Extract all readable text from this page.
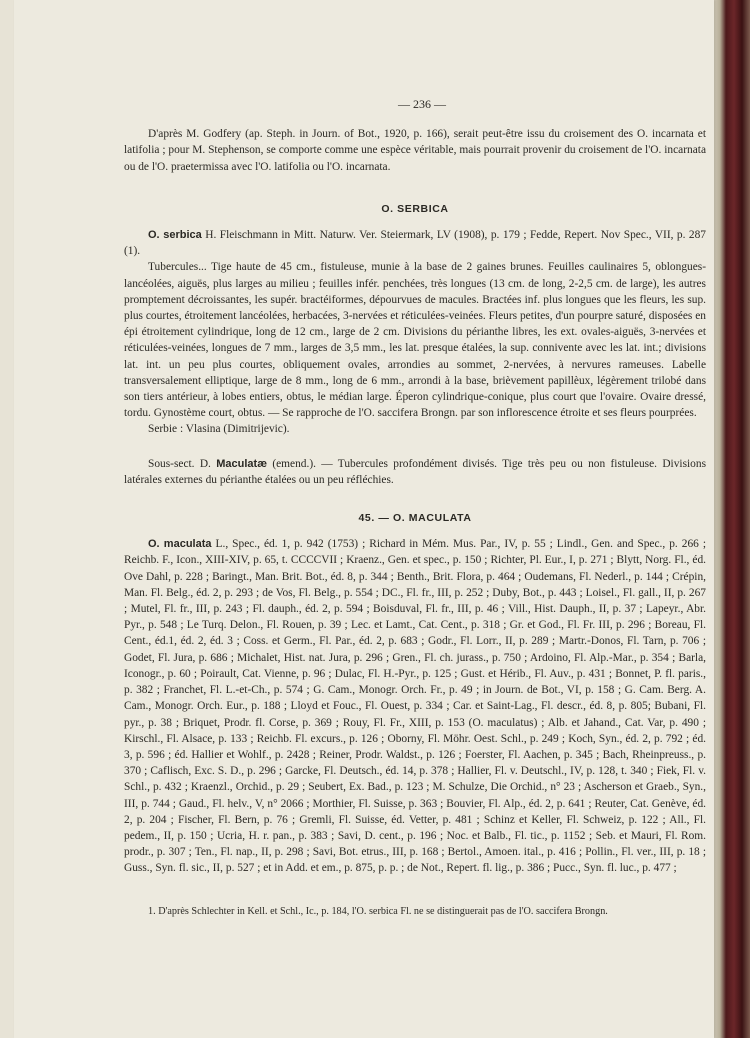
— 236 —

D'après M. Godfery (ap. Steph. in Journ. of Bot., 1920, p. 166), serait peut-être issu du croisement des O. incarnata et latifolia ; pour M. Stephenson, se comporte comme une espèce véritable, mais pourrait provenir du croisement de l'O. incarnata ou de l'O. praetermissa avec l'O. latifolia ou l'O. incarnata.

O. SERBICA

O. serbica H. Fleischmann in Mitt. Naturw. Ver. Steiermark, LV (1908), p. 179 ; Fedde, Repert. Nov Spec., VII, p. 287 (1).

Tubercules... Tige haute de 45 cm., fistuleuse, munie à la base de 2 gaines brunes. Feuilles caulinaires 5, oblongues-lancéolées, aiguës, plus larges au milieu ; feuilles infér. penchées, très longues (13 cm. de long, 2-2,5 cm. de large), les autres promptement décroissantes, les supér. bractéiformes, dépourvues de macules. Bractées inf. plus longues que les fleurs, les sup. plus courtes, étroitement lancéolées, herbacées, 3-nervées et réticulées-veinées. Fleurs petites, d'un pourpre saturé, disposées en épi étroitement cylindrique, long de 12 cm., large de 2 cm. Divisions du périanthe libres, les ext. ovales-aiguës, 3-nervées et réticulées-veinées, longues de 7 mm., larges de 3,5 mm., les lat. presque étalées, la sup. connivente avec les lat. int.; divisions lat. int. un peu plus courtes, obliquement ovales, arrondies au sommet, 2-nervées, à nervures rameuses. Labelle transversalement elliptique, large de 8 mm., long de 6 mm., arrondi à la base, brièvement papillèux, légèrement trilobé dans son tiers antérieur, à lobes entiers, obtus, le médian large. Éperon cylindrique-conique, plus court que l'ovaire. Ovaire dressé, tordu. Gynostème court, obtus. — Se rapproche de l'O. saccifera Brongn. par son inflorescence étroite et ses fleurs pourprées.

Serbie : Vlasina (Dimitrijevic).

Sous-sect. D. Maculatæ (emend.). — Tubercules profondément divisés. Tige très peu ou non fistuleuse. Divisions latérales externes du périanthe étalées ou un peu réfléchies.

45. — O. MACULATA

O. maculata L., Spec., éd. 1, p. 942 (1753) ; Richard in Mém. Mus. Par., IV, p. 55 ; Lindl., Gen. and Spec., p. 266 ; Reichb. F., Icon., XIII-XIV, p. 65, t. CCCCVII ; Kraenz., Gen. et spec., p. 150 ; Richter, Pl. Eur., I, p. 271 ; Blytt, Norg. Fl., éd. Ove Dahl, p. 228 ; Baringt., Man. Brit. Bot., éd. 8, p. 344 ; Benth., Brit. Flora, p. 464 ; Oudemans, Fl. Nederl., p. 144 ; Crépin, Man. Fl. Belg., éd. 2, p. 293 ; de Vos, Fl. Belg., p. 554 ; DC., Fl. fr., III, p. 252 ; Duby, Bot., p. 443 ; Loisel., Fl. gall., II, p. 267 ; Mutel, Fl. fr., III, p. 243 ; Fl. dauph., éd. 2, p. 594 ; Boisduval, Fl. fr., III, p. 46 ; Vill., Hist. Dauph., II, p. 37 ; Lapeyr., Abr. Pyr., p. 548 ; Le Turq. Delon., Fl. Rouen, p. 39 ; Lec. et Lamt., Cat. Cent., p. 318 ; Gr. et God., Fl. Fr. III, p. 296 ; Boreau, Fl. Cent., éd.1, éd. 2, éd. 3 ; Coss. et Germ., Fl. Par., éd. 2, p. 683 ; Godr., Fl. Lorr., II, p. 289 ; Martr.-Donos, Fl. Tarn, p. 706 ; Godet, Fl. Jura, p. 686 ; Michalet, Hist. nat. Jura, p. 296 ; Gren., Fl. ch. jurass., p. 750 ; Ardoino, Fl. Alp.-Mar., p. 354 ; Barla, Iconogr., p. 60 ; Poirault, Cat. Vienne, p. 96 ; Dulac, Fl. H.-Pyr., p. 125 ; Gust. et Hérib., Fl. Auv., p. 431 ; Bonnet, P. fl. paris., p. 382 ; Franchet, Fl. L.-et-Ch., p. 574 ; G. Cam., Monogr. Orch. Fr., p. 49 ; in Journ. de Bot., VI, p. 158 ; G. Cam. Berg. A. Cam., Monogr. Orch. Eur., p. 188 ; Lloyd et Fouc., Fl. Ouest, p. 334 ; Car. et Saint-Lag., Fl. descr., éd. 8, p. 805; Bubani, Fl. pyr., p. 38 ; Briquet, Prodr. fl. Corse, p. 369 ; Rouy, Fl. Fr., XIII, p. 153 (O. maculatus) ; Alb. et Jahand., Cat. Var, p. 490 ; Kirschl., Fl. Alsace, p. 133 ; Reichb. Fl. excurs., p. 126 ; Oborny, Fl. Möhr. Oest. Schl., p. 249 ; Koch, Syn., éd. 2, p. 792 ; éd. 3, p. 596 ; éd. Hallier et Wohlf., p. 2428 ; Reiner, Prodr. Waldst., p. 126 ; Foerster, Fl. Aachen, p. 345 ; Bach, Rheinpreuss., p. 370 ; Caflisch, Exc. S. D., p. 296 ; Garcke, Fl. Deutsch., éd. 14, p. 378 ; Hallier, Fl. v. Deutschl., IV, p. 128, t. 340 ; Fiek, Fl. v. Schl., p. 432 ; Kraenzl., Orchid., p. 29 ; Seubert, Ex. Bad., p. 123 ; M. Schulze, Die Orchid., n° 23 ; Ascherson et Graeb., Syn., III, p. 744 ; Gaud., Fl. helv., V, n° 2066 ; Morthier, Fl. Suisse, p. 363 ; Bouvier, Fl. Alp., éd. 2, p. 641 ; Reuter, Cat. Genève, éd. 2, p. 204 ; Fischer, Fl. Bern, p. 76 ; Gremli, Fl. Suisse, éd. Vetter, p. 481 ; Schinz et Keller, Fl. Schweiz, p. 122 ; All., Fl. pedem., II, p. 150 ; Ucria, H. r. pan., p. 383 ; Savi, D. cent., p. 196 ; Noc. et Balb., Fl. tic., p. 1152 ; Seb. et Mauri, Fl. Rom. prodr., p. 307 ; Ten., Fl. nap., II, p. 298 ; Savi, Bot. etrus., III, p. 168 ; Bertol., Amoen. ital., p. 416 ; Pollin., Fl. ver., III, p. 18 ; Guss., Syn. fl. sic., II, p. 527 ; et in Add. et em., p. 875, p. p. ; de Not., Repert. fl. lig., p. 386 ; Pucc., Syn. fl. luc., p. 477 ;

1. D'après Schlechter in Kell. et Schl., Ic., p. 184, l'O. serbica Fl. ne se distinguerait pas de l'O. saccifera Brongn.
